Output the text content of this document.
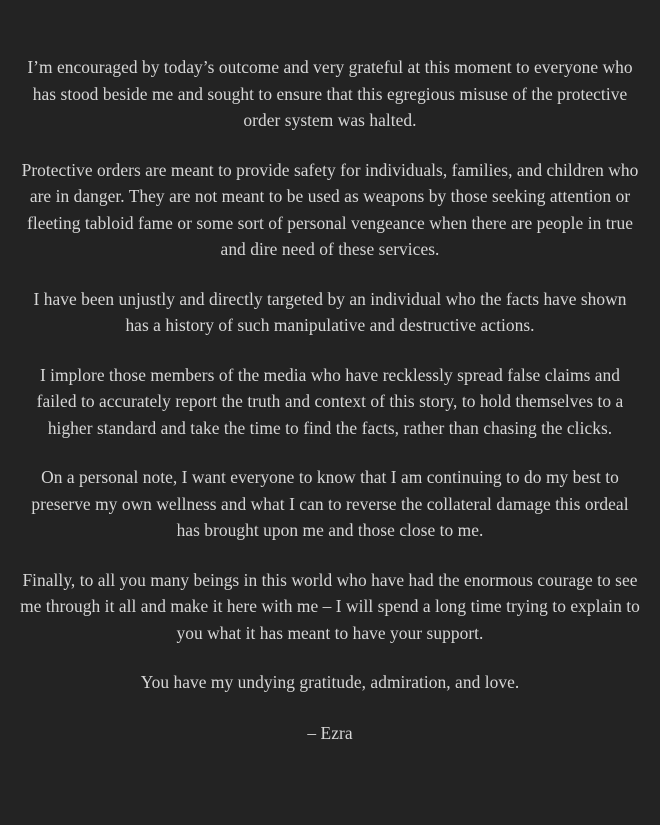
I’m encouraged by today’s outcome and very grateful at this moment to everyone who has stood beside me and sought to ensure that this egregious misuse of the protective order system was halted.

Protective orders are meant to provide safety for individuals, families, and children who are in danger. They are not meant to be used as weapons by those seeking attention or fleeting tabloid fame or some sort of personal vengeance when there are people in true and dire need of these services.

I have been unjustly and directly targeted by an individual who the facts have shown has a history of such manipulative and destructive actions.

I implore those members of the media who have recklessly spread false claims and failed to accurately report the truth and context of this story, to hold themselves to a higher standard and take the time to find the facts, rather than chasing the clicks.

On a personal note, I want everyone to know that I am continuing to do my best to preserve my own wellness and what I can to reverse the collateral damage this ordeal has brought upon me and those close to me.

Finally, to all you many beings in this world who have had the enormous courage to see me through it all and make it here with me – I will spend a long time trying to explain to you what it has meant to have your support.

You have my undying gratitude, admiration, and love.

– Ezra
